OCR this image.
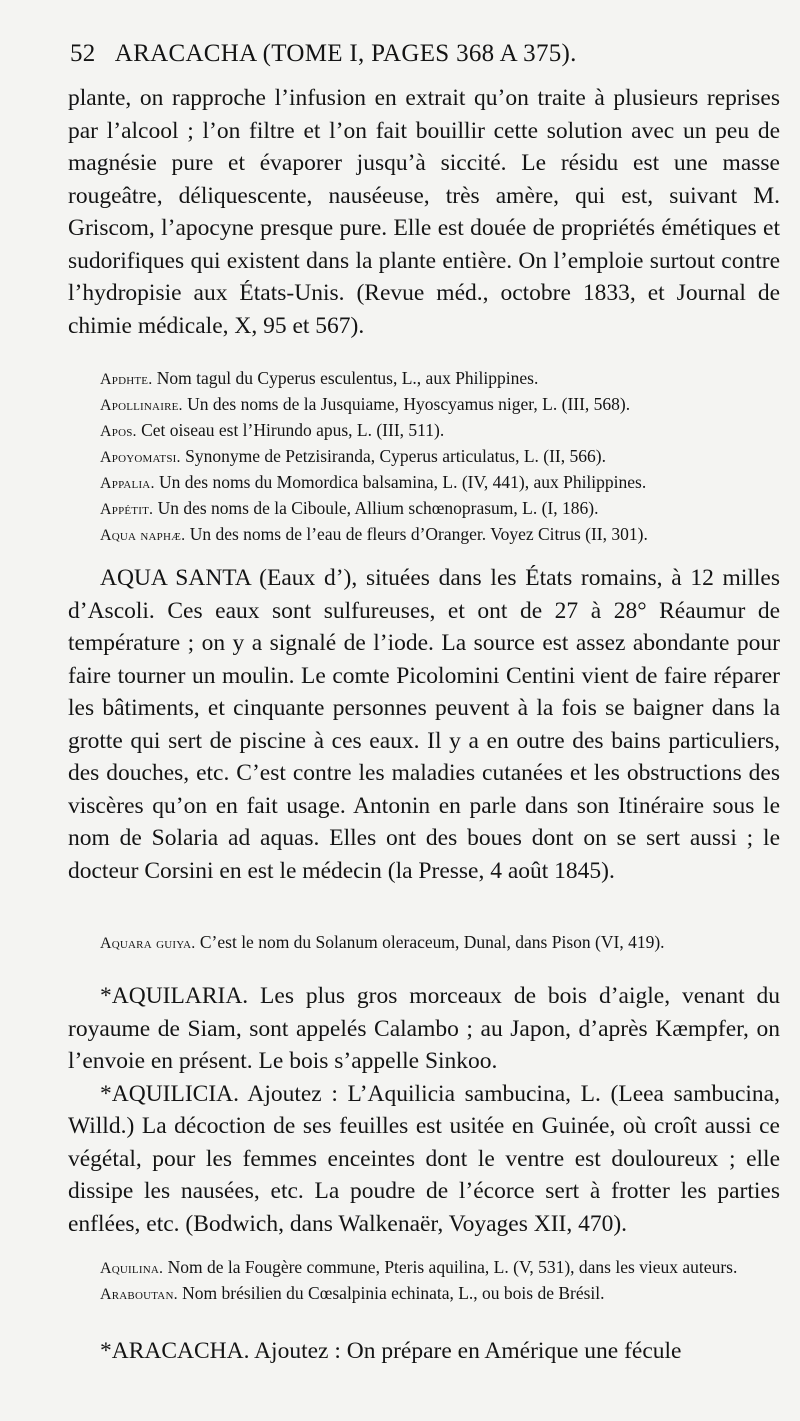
52 ARACACHA (TOME I, PAGES 368 A 375).

plante, on rapproche l’infusion en extrait qu’on traite à plusieurs reprises par l’alcool ; l’on filtre et l’on fait bouillir cette solution avec un peu de magnésie pure et évaporer jusqu’à siccité. Le résidu est une masse rougeâtre, déliquescente, nauséeuse, très amère, qui est, suivant M. Griscom, l’apocyne presque pure. Elle est douée de propriétés émétiques et sudorifiques qui existent dans la plante entière. On l’emploie surtout contre l’hydropisie aux États-Unis. (Revue méd., octobre 1833, et Journal de chimie médicale, X, 95 et 567).

Apdhte. Nom tagul du Cyperus esculentus, L., aux Philippines.

Apollinaire. Un des noms de la Jusquiame, Hyoscyamus niger, L. (III, 568).

Apos. Cet oiseau est l’Hirundo apus, L. (III, 511).

Apoyomatsi. Synonyme de Petzisiranda, Cyperus articulatus, L. (II, 566).

Appalia. Un des noms du Momordica balsamina, L. (IV, 441), aux Philippines.

Appétit. Un des noms de la Ciboule, Allium schœnoprasum, L. (I, 186).

Aqua naphæ. Un des noms de l’eau de fleurs d’Oranger. Voyez Citrus (II, 301).

AQUA SANTA (Eaux d’), situées dans les États romains, à 12 milles d’Ascoli. Ces eaux sont sulfureuses, et ont de 27 à 28° Réaumur de température ; on y a signalé de l’iode. La source est assez abondante pour faire tourner un moulin. Le comte Picolomini Centini vient de faire réparer les bâtiments, et cinquante personnes peuvent à la fois se baigner dans la grotte qui sert de piscine à ces eaux. Il y a en outre des bains particuliers, des douches, etc. C’est contre les maladies cutanées et les obstructions des viscères qu’on en fait usage. Antonin en parle dans son Itinéraire sous le nom de Solaria ad aquas. Elles ont des boues dont on se sert aussi ; le docteur Corsini en est le médecin (la Presse, 4 août 1845).

Aquara guiya. C’est le nom du Solanum oleraceum, Dunal, dans Pison (VI, 419).

*AQUILARIA. Les plus gros morceaux de bois d’aigle, venant du royaume de Siam, sont appelés Calambo ; au Japon, d’après Kæmpfer, on l’envoie en présent. Le bois s’appelle Sinkoo.

*AQUILICIA. Ajoutez : L’Aquilicia sambucina, L. (Leea sambucina, Willd.) La décoction de ses feuilles est usitée en Guinée, où croît aussi ce végétal, pour les femmes enceintes dont le ventre est douloureux ; elle dissipe les nausées, etc. La poudre de l’écorce sert à frotter les parties enflées, etc. (Bodwich, dans Walkenaër, Voyages XII, 470).

Aquilina. Nom de la Fougère commune, Pteris aquilina, L. (V, 531), dans les vieux auteurs.

Araboutan. Nom brésilien du Cœsalpinia echinata, L., ou bois de Brésil.

*ARACACHA. Ajoutez : On prépare en Amérique une fécule
